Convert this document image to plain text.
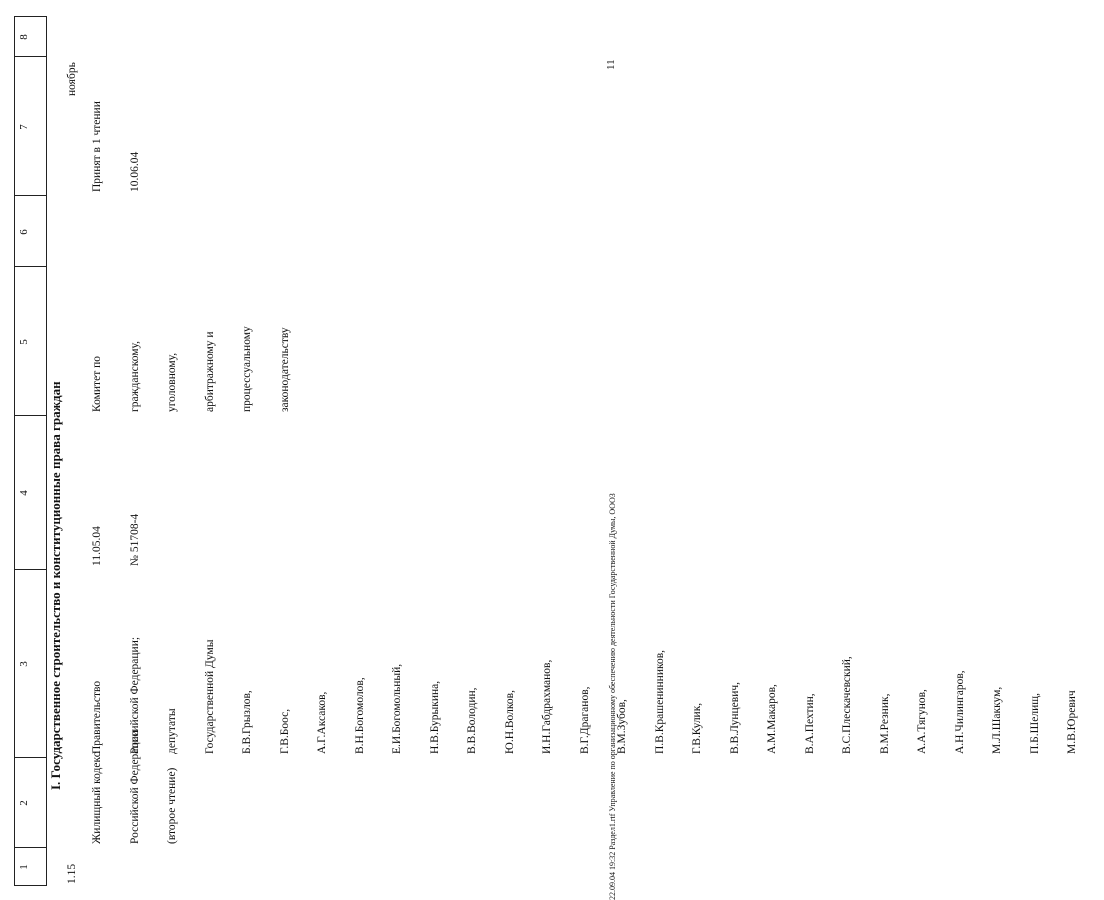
1
2
3
4
5
6
7
8
I. Государственное строительство и конституционные права граждан
1.15

Жилищный кодекс

Российской Федерации

(второе чтение)

Правительство

Российской Федерации;

депутаты

Государственной Думы

Б.В.Грызлов,

Г.В.Боос,

А.Г.Аксаков,

В.Н.Богомолов,

Е.И.Богомольный,

Н.В.Бурыкина,

В.В.Володин,

Ю.Н.Волков,

И.Н.Габдрахманов,

В.Г.Драганов,

В.М.Зубов,

П.В.Крашенинников,

Г.В.Кулик,

В.В.Лунцевич,

А.М.Макаров,

В.А.Пехтин,

В.С.Плескачевский,

В.М.Резник,

А.А.Тягунов,

А.Н.Чилингаров,

М.Л.Шаккум,

П.Б.Шелищ,

М.В.Юревич

11.05.04

№ 51708-4

Комитет по

гражданскому,

уголовному,

арбитражному и

процессуальному

законодательству

Принят в 1 чтении

10.06.04

ноябрь
22.09.04 19:32 Раздел1.rtf Управление по организационному обеспечению деятельности Государственной Думы, ОООЗ
11
